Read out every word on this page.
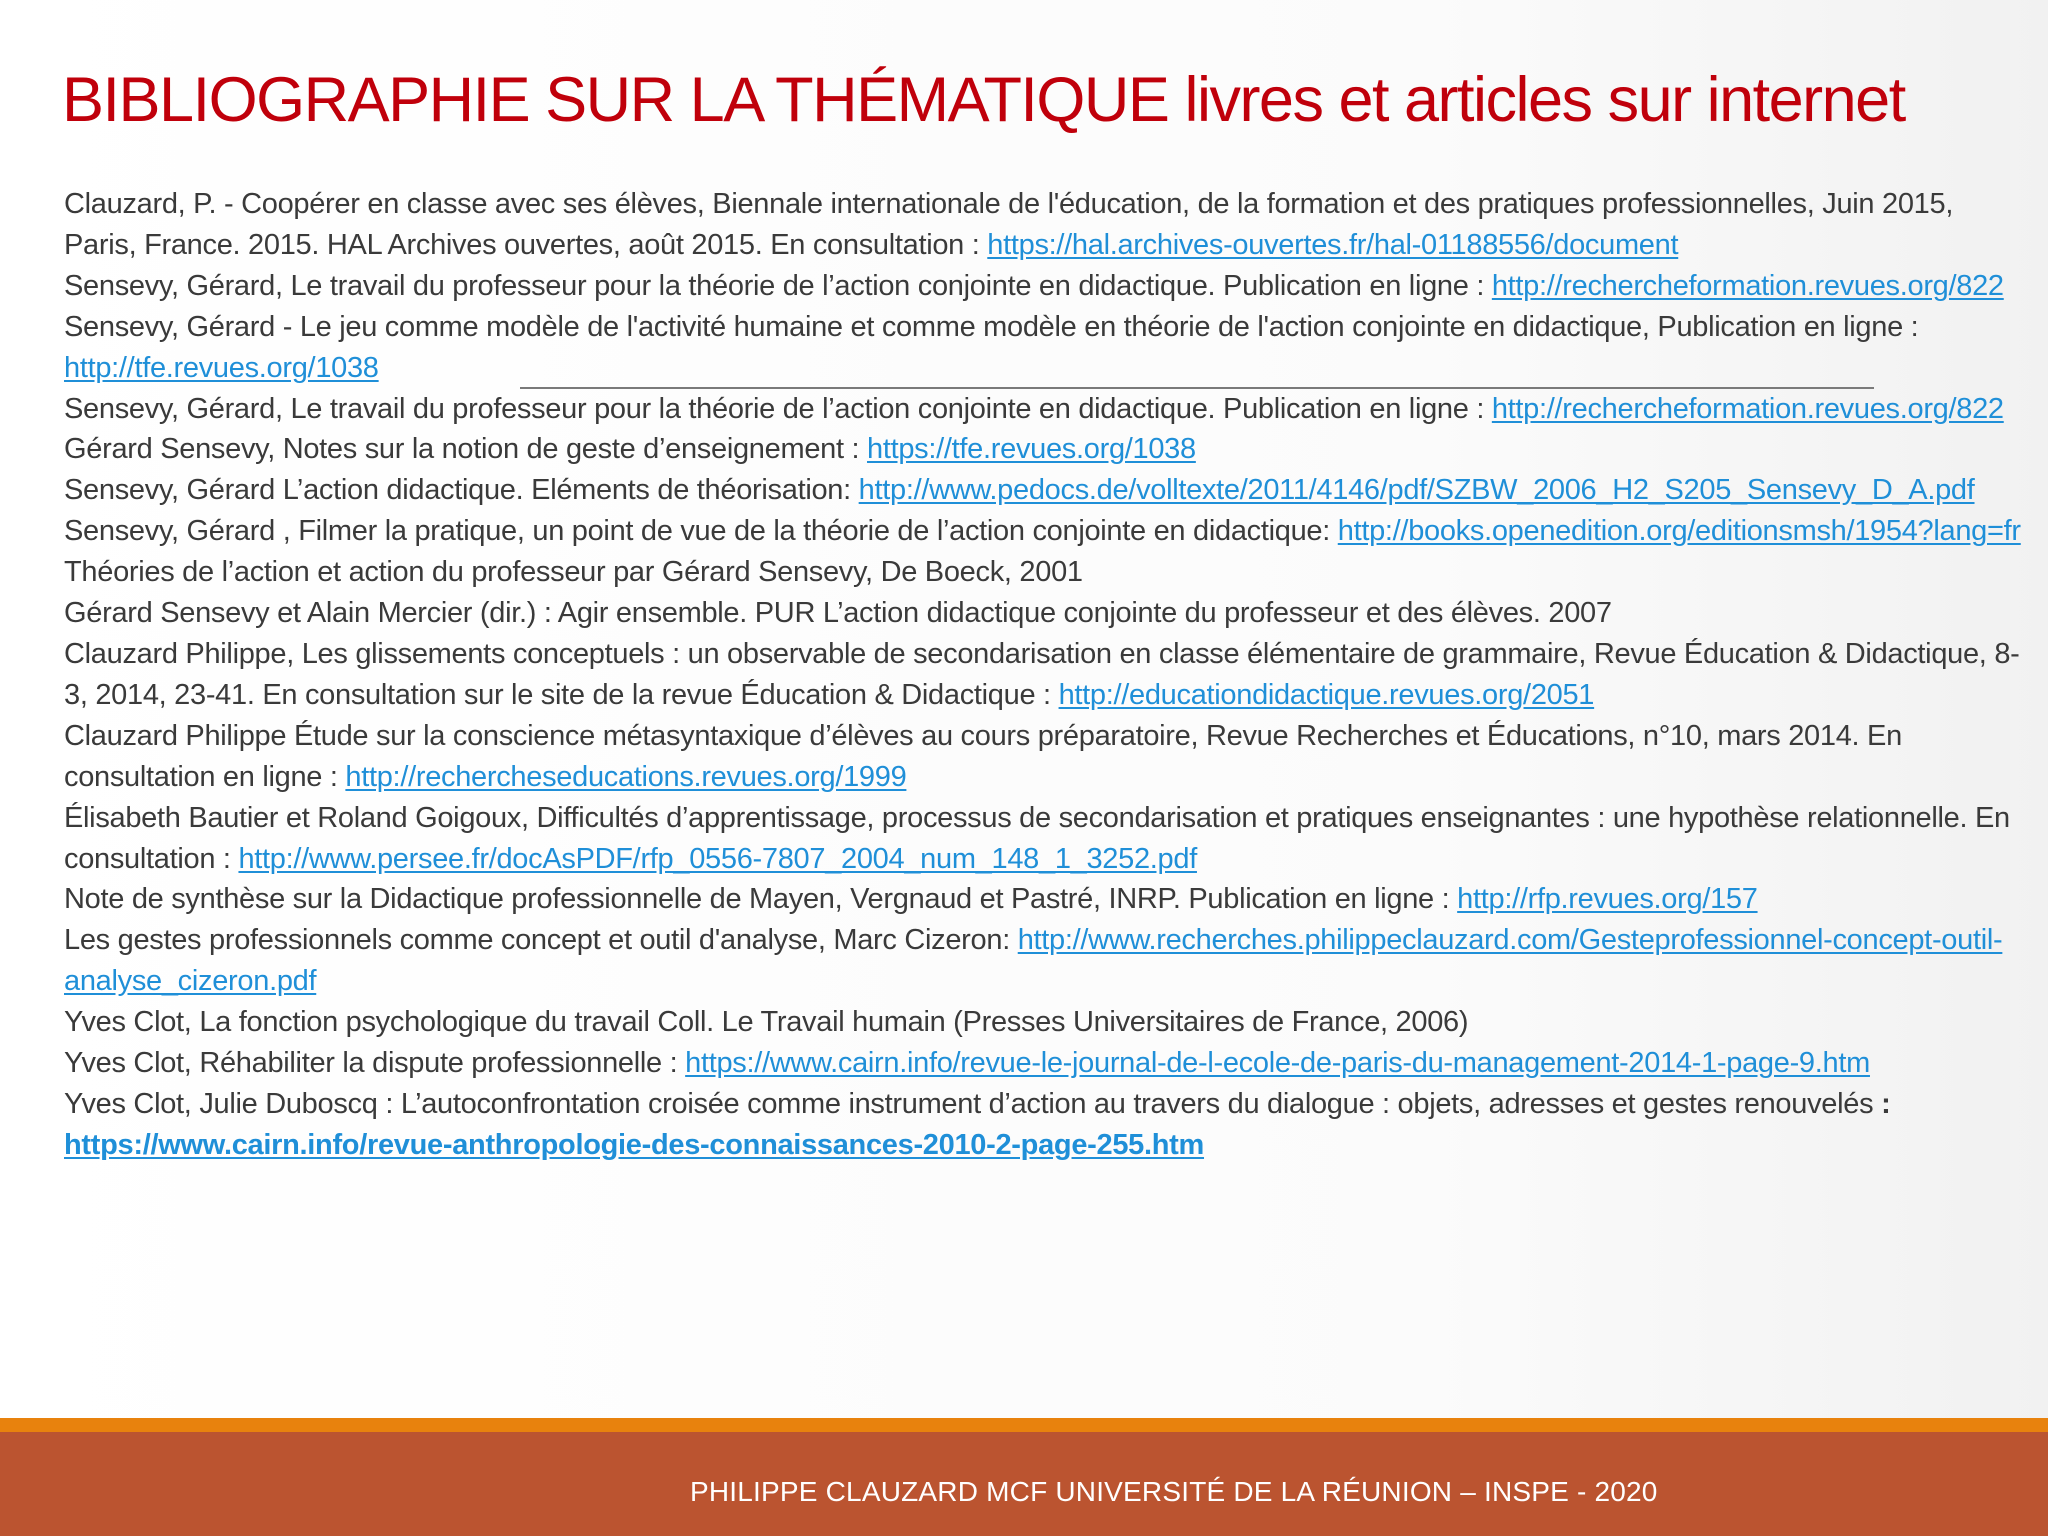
BIBLIOGRAPHIE SUR LA THÉMATIQUE livres et articles sur internet

Clauzard, P. - Coopérer en classe avec ses élèves, Biennale internationale de l'éducation, de la formation et des pratiques professionnelles, Juin 2015, Paris, France. 2015. HAL Archives ouvertes, août 2015. En consultation : https://hal.archives-ouvertes.fr/hal-01188556/document

Sensevy, Gérard, Le travail du professeur pour la théorie de l’action conjointe en didactique. Publication en ligne : http://rechercheformation.revues.org/822

Sensevy, Gérard - Le jeu comme modèle de l'activité humaine et comme modèle en théorie de l'action conjointe en didactique, Publication en ligne : http://tfe.revues.org/1038

Sensevy, Gérard, Le travail du professeur pour la théorie de l’action conjointe en didactique. Publication en ligne : http://rechercheformation.revues.org/822

Gérard Sensevy, Notes sur la notion de geste d’enseignement : https://tfe.revues.org/1038

Sensevy, Gérard L’action didactique. Eléments de théorisation: http://www.pedocs.de/volltexte/2011/4146/pdf/SZBW_2006_H2_S205_Sensevy_D_A.pdf

Sensevy, Gérard , Filmer la pratique, un point de vue de la théorie de l’action conjointe en didactique: http://books.openedition.org/editionsmsh/1954?lang=fr

Théories de l’action et action du professeur par Gérard Sensevy, De Boeck, 2001

Gérard Sensevy et Alain Mercier (dir.) : Agir ensemble. PUR L’action didactique conjointe du professeur et des élèves. 2007

Clauzard Philippe, Les glissements conceptuels : un observable de secondarisation en classe élémentaire de grammaire, Revue Éducation & Didactique, 8-3, 2014, 23-41. En consultation sur le site de la revue Éducation & Didactique : http://educationdidactique.revues.org/2051

Clauzard Philippe Étude sur la conscience métasyntaxique d’élèves au cours préparatoire, Revue Recherches et Éducations, n°10, mars 2014. En consultation en ligne : http://rechercheseducations.revues.org/1999

Élisabeth Bautier et Roland Goigoux, Difficultés d’apprentissage, processus de secondarisation et pratiques enseignantes : une hypothèse relationnelle. En consultation : http://www.persee.fr/docAsPDF/rfp_0556-7807_2004_num_148_1_3252.pdf

Note de synthèse sur la Didactique professionnelle de Mayen, Vergnaud et Pastré, INRP. Publication en ligne : http://rfp.revues.org/157

Les gestes professionnels comme concept et outil d'analyse, Marc Cizeron: http://www.recherches.philippeclauzard.com/Gesteprofessionnel-concept-outil-analyse_cizeron.pdf

Yves Clot, La fonction psychologique du travail Coll. Le Travail humain (Presses Universitaires de France, 2006)

Yves Clot, Réhabiliter la dispute professionnelle : https://www.cairn.info/revue-le-journal-de-l-ecole-de-paris-du-management-2014-1-page-9.htm

Yves Clot, Julie Duboscq : L’autoconfrontation croisée comme instrument d’action au travers du dialogue : objets, adresses et gestes renouvelés : https://www.cairn.info/revue-anthropologie-des-connaissances-2010-2-page-255.htm

PHILIPPE CLAUZARD MCF UNIVERSITÉ DE LA RÉUNION – INSPE - 2020
